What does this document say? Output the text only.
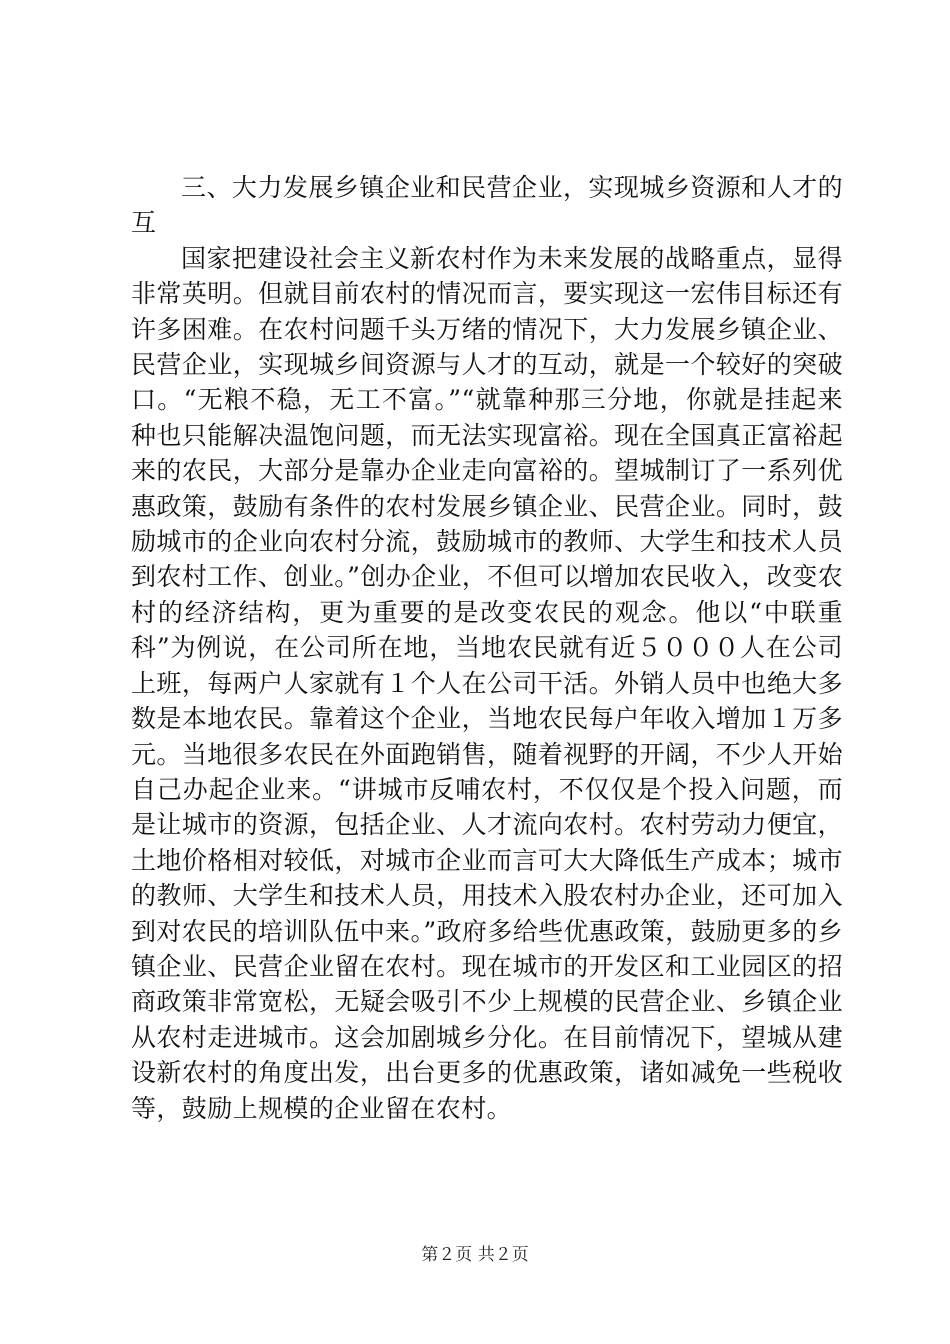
三、大力发展乡镇企业和民营企业，实现城乡资源和人才的互

国家把建设社会主义新农村作为未来发展的战略重点，显得非常英明。但就目前农村的情况而言，要实现这一宏伟目标还有许多困难。在农村问题千头万绪的情况下，大力发展乡镇企业、民营企业，实现城乡间资源与人才的互动，就是一个较好的突破口。“无粮不稳，无工不富。”“就靠种那三分地，你就是挂起来种也只能解决温饱问题，而无法实现富裕。现在全国真正富裕起来的农民，大部分是靠办企业走向富裕的。望城制订了一系列优惠政策，鼓励有条件的农村发展乡镇企业、民营企业。同时，鼓励城市的企业向农村分流，鼓励城市的教师、大学生和技术人员到农村工作、创业。”创办企业，不但可以增加农民收入，改变农村的经济结构，更为重要的是改变农民的观念。他以“中联重科”为例说，在公司所在地，当地农民就有近５０００人在公司上班，每两户人家就有１个人在公司干活。外销人员中也绝大多数是本地农民。靠着这个企业，当地农民每户年收入增加１万多元。当地很多农民在外面跑销售，随着视野的开阔，不少人开始自己办起企业来。“讲城市反哺农村，不仅仅是个投入问题，而是让城市的资源，包括企业、人才流向农村。农村劳动力便宜，土地价格相对较低，对城市企业而言可大大降低生产成本；城市的教师、大学生和技术人员，用技术入股农村办企业，还可加入到对农民的培训队伍中来。”政府多给些优惠政策，鼓励更多的乡镇企业、民营企业留在农村。现在城市的开发区和工业园区的招商政策非常宽松，无疑会吸引不少上规模的民营企业、乡镇企业从农村走进城市。这会加剧城乡分化。在目前情况下，望城从建设新农村的角度出发，出台更多的优惠政策，诸如减免一些税收等，鼓励上规模的企业留在农村。

第２页 共２页
